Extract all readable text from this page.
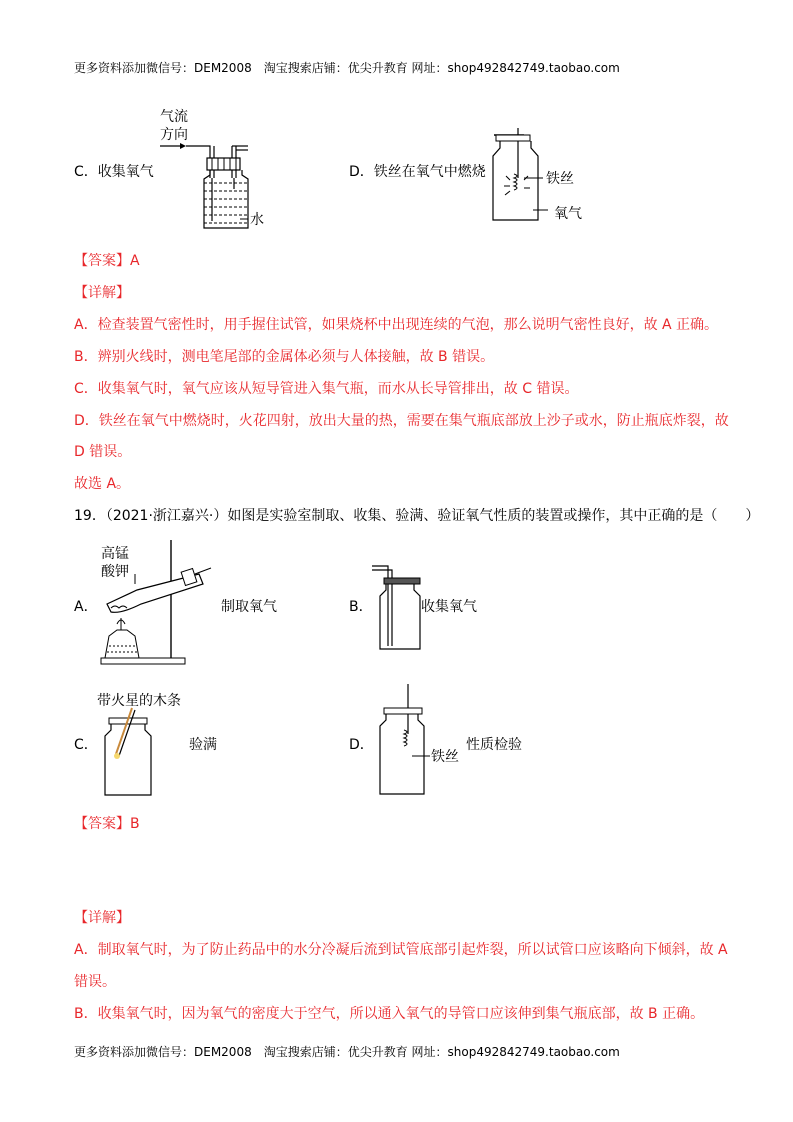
更多资料添加微信号：DEM2008　淘宝搜索店铺：优尖升教育 网址：shop492842749.taobao.com
C．收集氧气
气流
方向
水
D．铁丝在氧气中燃烧	铁丝
氧气
【答案】A
【详解】
A．检查装置气密性时，用手握住试管，如果烧杯中出现连续的气泡，那么说明气密性良好，故 A 正确。
B．辨别火线时，测电笔尾部的金属体必须与人体接触，故 B 错误。
C．收集氧气时，氧气应该从短导管进入集气瓶，而水从长导管排出，故 C 错误。
D．铁丝在氧气中燃烧时，火花四射，放出大量的热，需要在集气瓶底部放上沙子或水，防止瓶底炸裂，故
D 错误。
故选 A。
19．（2021·浙江嘉兴·）如图是实验室制取、收集、验满、验证氧气性质的装置或操作，其中正确的是（　　）
A．
高锰
酸钾
制取氧气	B．	收集氧气
C．
带火星的木条
验满	D．
铁丝
性质检验
【答案】B
【详解】
A．制取氧气时，为了防止药品中的水分冷凝后流到试管底部引起炸裂，所以试管口应该略向下倾斜，故 A
错误。
B．收集氧气时，因为氧气的密度大于空气，所以通入氧气的导管口应该伸到集气瓶底部，故 B 正确。
更多资料添加微信号：DEM2008　淘宝搜索店铺：优尖升教育 网址：shop492842749.taobao.com
